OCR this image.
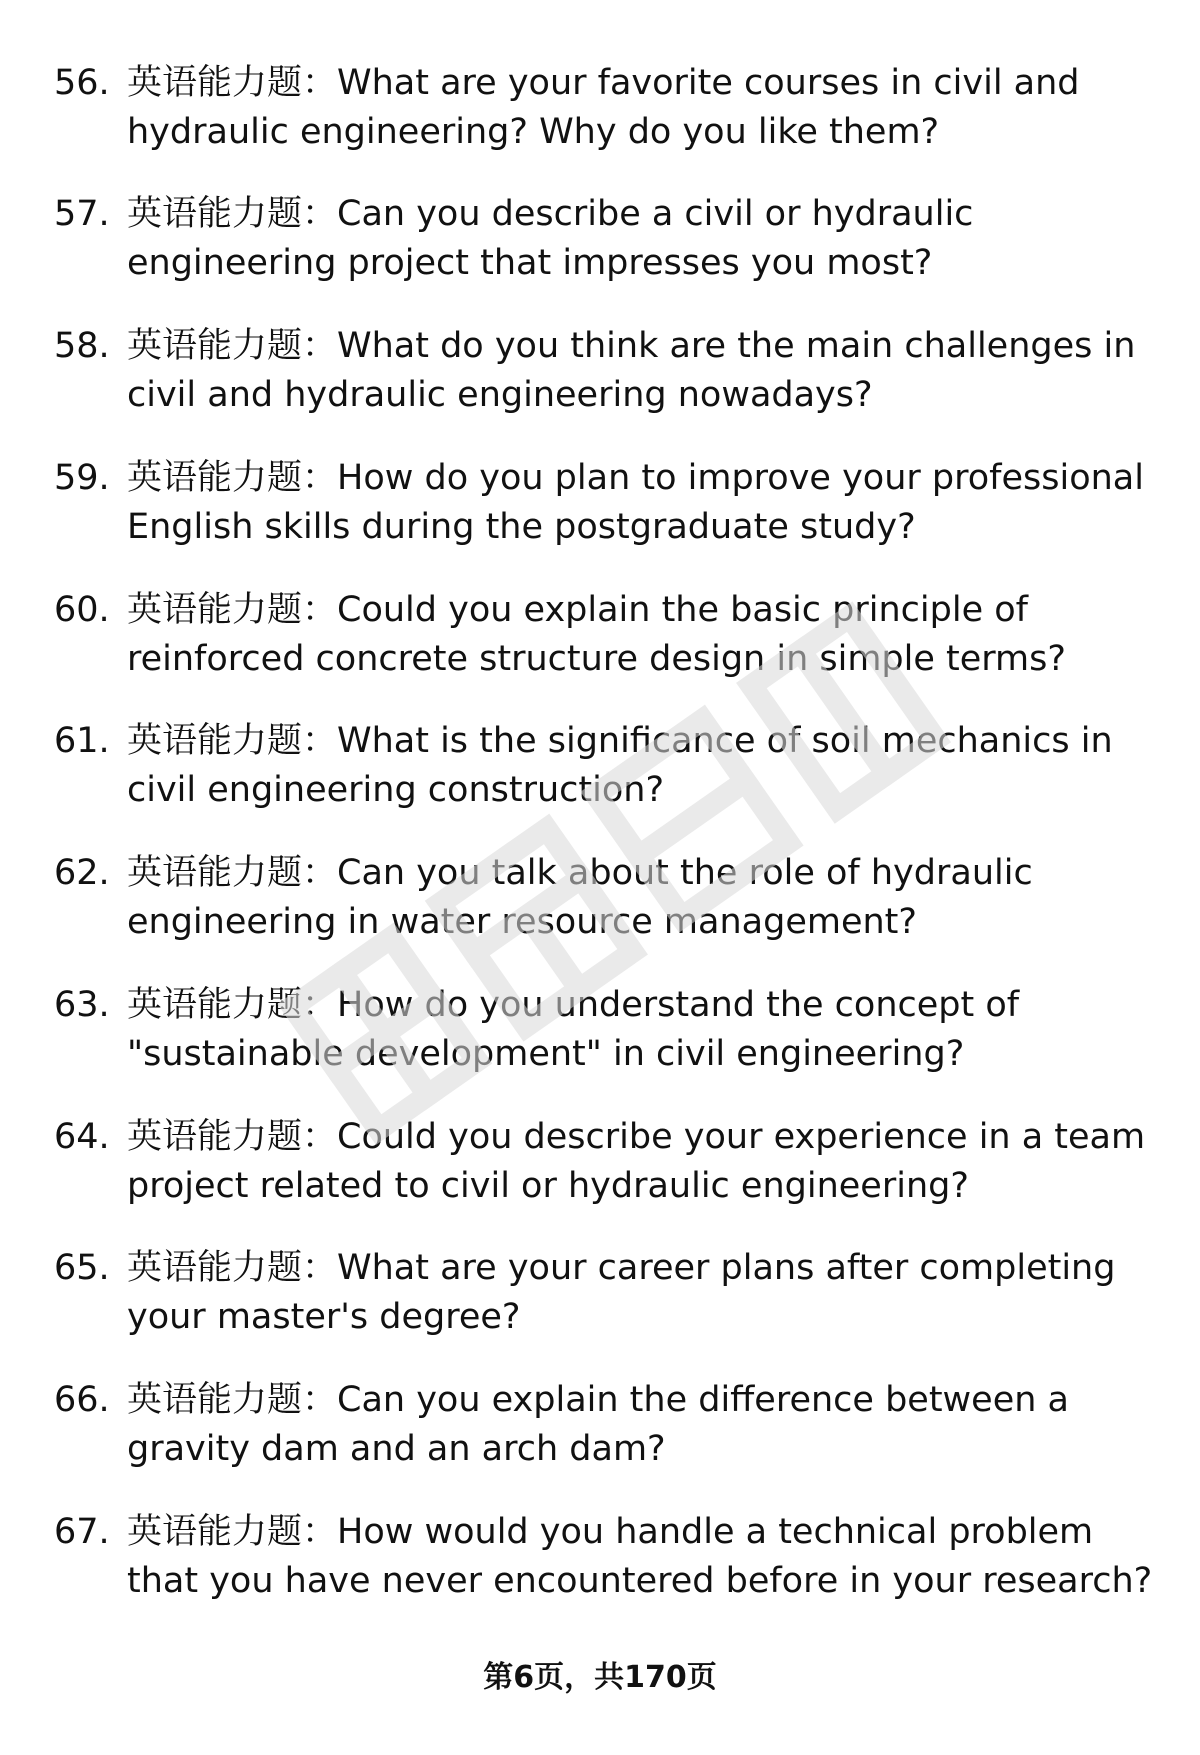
56. 英语能力题：What are your favorite courses in civil and
hydraulic engineering? Why do you like them?
57. 英语能力题：Can you describe a civil or hydraulic
engineering project that impresses you most?
58. 英语能力题：What do you think are the main challenges in
civil and hydraulic engineering nowadays?
59. 英语能力题：How do you plan to improve your professional
English skills during the postgraduate study?
60. 英语能力题：Could you explain the basic principle of
reinforced concrete structure design in simple terms?
61. 英语能力题：What is the significance of soil mechanics in
civil engineering construction?
62. 英语能力题：Can you talk about the role of hydraulic
engineering in water resource management?
63. 英语能力题：How do you understand the concept of
"sustainable development" in civil engineering?
64. 英语能力题：Could you describe your experience in a team
project related to civil or hydraulic engineering?
65. 英语能力题：What are your career plans after completing
your master's degree?
66. 英语能力题：Can you explain the difference between a
gravity dam and an arch dam?
67. 英语能力题：How would you handle a technical problem
that you have never encountered before in your research?
第6页，共170页
